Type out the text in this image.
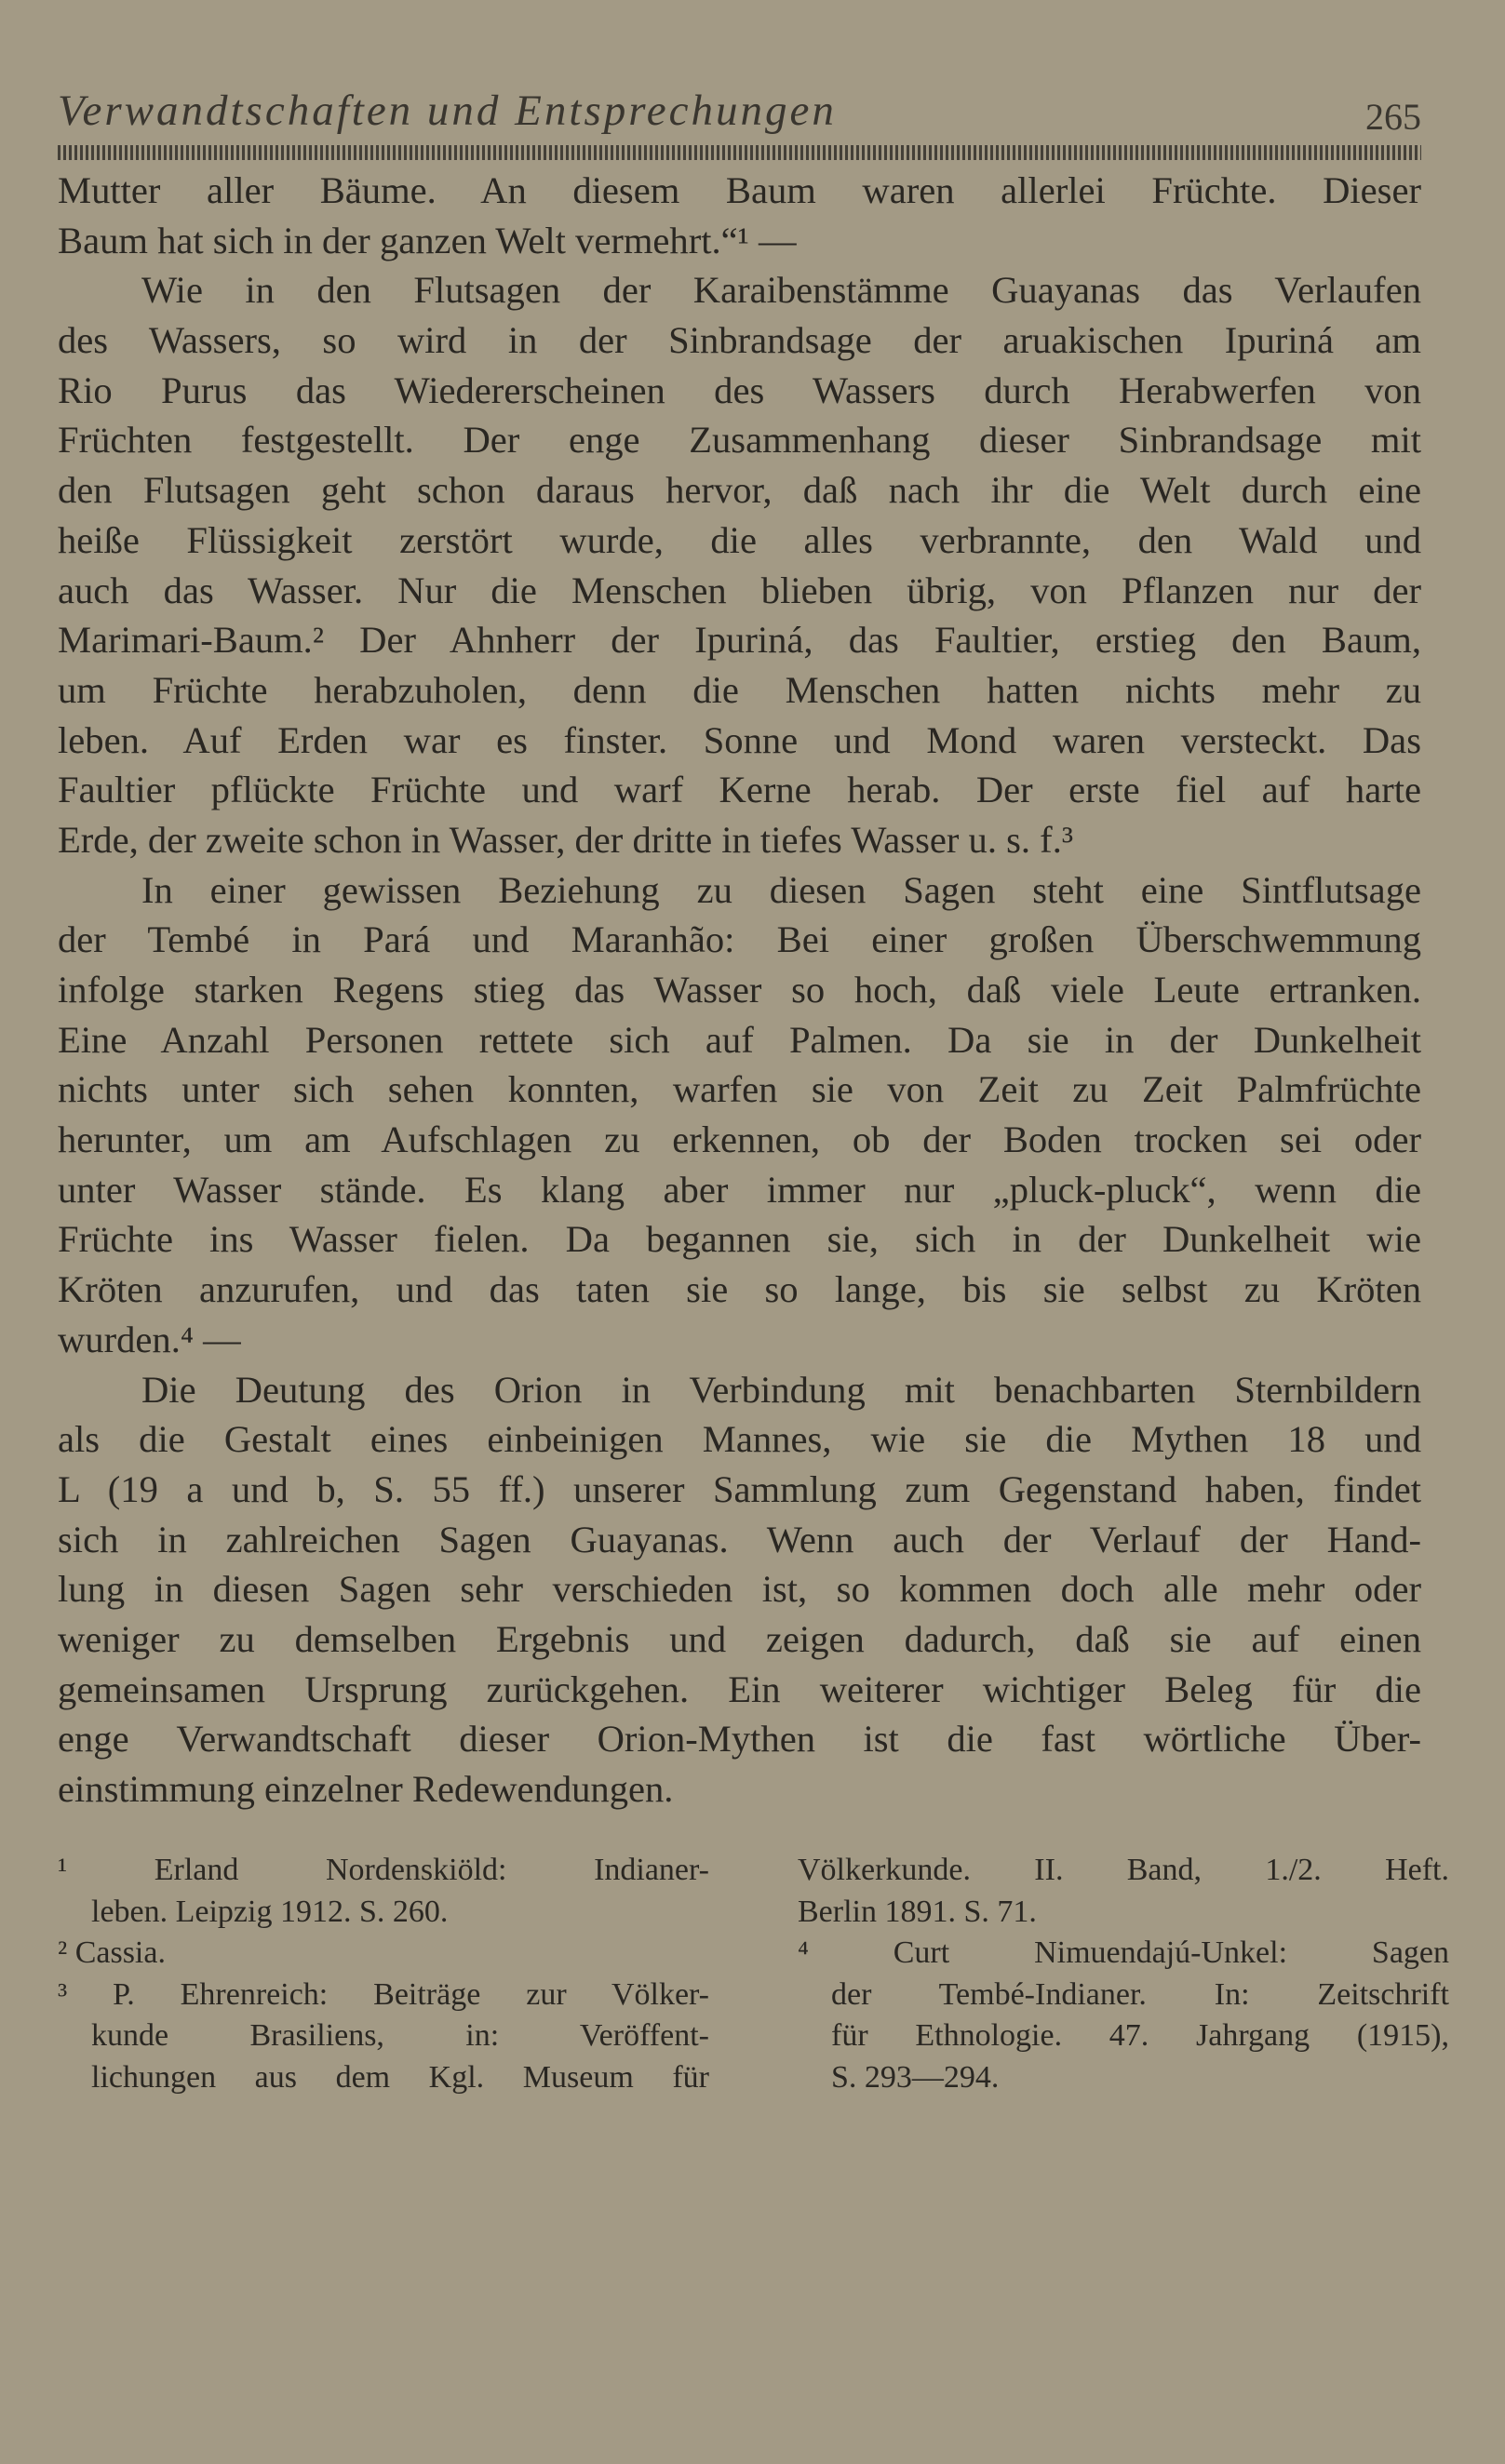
Verwandtschaften und Entsprechungen	265
Mutter aller Bäume. An diesem Baum waren allerlei Früchte. Dieser
Baum hat sich in der ganzen Welt vermehrt.“¹ —
Wie in den Flutsagen der Karaibenstämme Guayanas das Verlaufen
des Wassers, so wird in der Sinbrandsage der aruakischen Ipuriná am
Rio Purus das Wiedererscheinen des Wassers durch Herabwerfen von
Früchten festgestellt. Der enge Zusammenhang dieser Sinbrandsage mit
den Flutsagen geht schon daraus hervor, daß nach ihr die Welt durch eine
heiße Flüssigkeit zerstört wurde, die alles verbrannte, den Wald und
auch das Wasser. Nur die Menschen blieben übrig, von Pflanzen nur der
Marimari-Baum.² Der Ahnherr der Ipuriná, das Faultier, erstieg den Baum,
um Früchte herabzuholen, denn die Menschen hatten nichts mehr zu
leben. Auf Erden war es finster. Sonne und Mond waren versteckt. Das
Faultier pflückte Früchte und warf Kerne herab. Der erste fiel auf harte
Erde, der zweite schon in Wasser, der dritte in tiefes Wasser u. s. f.³
In einer gewissen Beziehung zu diesen Sagen steht eine Sintflutsage
der Tembé in Pará und Maranhão: Bei einer großen Überschwemmung
infolge starken Regens stieg das Wasser so hoch, daß viele Leute ertranken.
Eine Anzahl Personen rettete sich auf Palmen. Da sie in der Dunkelheit
nichts unter sich sehen konnten, warfen sie von Zeit zu Zeit Palmfrüchte
herunter, um am Aufschlagen zu erkennen, ob der Boden trocken sei oder
unter Wasser stände. Es klang aber immer nur „pluck-pluck“, wenn die
Früchte ins Wasser fielen. Da begannen sie, sich in der Dunkelheit wie
Kröten anzurufen, und das taten sie so lange, bis sie selbst zu Kröten
wurden.⁴ —
Die Deutung des Orion in Verbindung mit benachbarten Sternbildern
als die Gestalt eines einbeinigen Mannes, wie sie die Mythen 18 und
L (19 a und b, S. 55 ff.) unserer Sammlung zum Gegenstand haben, findet
sich in zahlreichen Sagen Guayanas. Wenn auch der Verlauf der Hand-
lung in diesen Sagen sehr verschieden ist, so kommen doch alle mehr oder
weniger zu demselben Ergebnis und zeigen dadurch, daß sie auf einen
gemeinsamen Ursprung zurückgehen. Ein weiterer wichtiger Beleg für die
enge Verwandtschaft dieser Orion-Mythen ist die fast wörtliche Über-
einstimmung einzelner Redewendungen.
¹ Erland Nordenskiöld: Indianer-
leben. Leipzig 1912. S. 260.
² Cassia.
³ P. Ehrenreich: Beiträge zur Völker-
kunde Brasiliens, in: Veröffent-
lichungen aus dem Kgl. Museum für
Völkerkunde. II. Band, 1./2. Heft.
Berlin 1891. S. 71.
⁴ Curt Nimuendajú-Unkel: Sagen
der Tembé-Indianer. In: Zeitschrift
für Ethnologie. 47. Jahrgang (1915),
S. 293—294.
